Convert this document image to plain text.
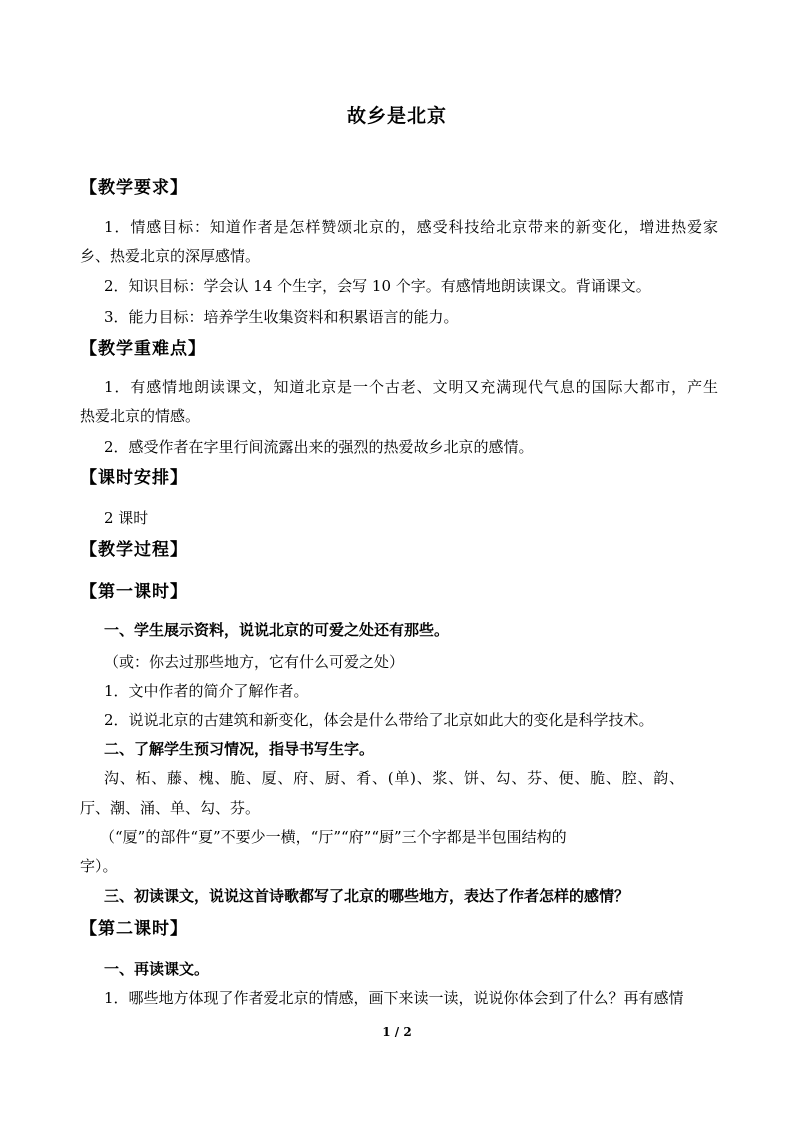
故乡是北京
【教学要求】
1．情感目标：知道作者是怎样赞颂北京的，感受科技给北京带来的新变化，增进热爱家
乡、热爱北京的深厚感情。
2．知识目标：学会认 14 个生字，会写 10 个字。有感情地朗读课文。背诵课文。
3．能力目标：培养学生收集资料和积累语言的能力。
【教学重难点】
1．有感情地朗读课文，知道北京是一个古老、文明又充满现代气息的国际大都市，产生
热爱北京的情感。
2．感受作者在字里行间流露出来的强烈的热爱故乡北京的感情。
【课时安排】
2 课时
【教学过程】
【第一课时】
一、学生展示资料，说说北京的可爱之处还有那些。
（或：你去过那些地方，它有什么可爱之处）
1．文中作者的简介了解作者。
2．说说北京的古建筑和新变化，体会是什么带给了北京如此大的变化是科学技术。
二、了解学生预习情况，指导书写生字。
沟、柘、藤、槐、脆、厦、府、厨、肴、(单)、浆、饼、勾、芬、便、脆、腔、韵、
厅、潮、涌、单、勾、芬。
（“厦”的部件“夏”不要少一横，“厅”“府”“厨”三个字都是半包围结构的
字）。
三、初读课文，说说这首诗歌都写了北京的哪些地方，表达了作者怎样的感情？
【第二课时】
一、再读课文。
1．哪些地方体现了作者爱北京的情感，画下来读一读，说说你体会到了什么？再有感情
1 / 2
